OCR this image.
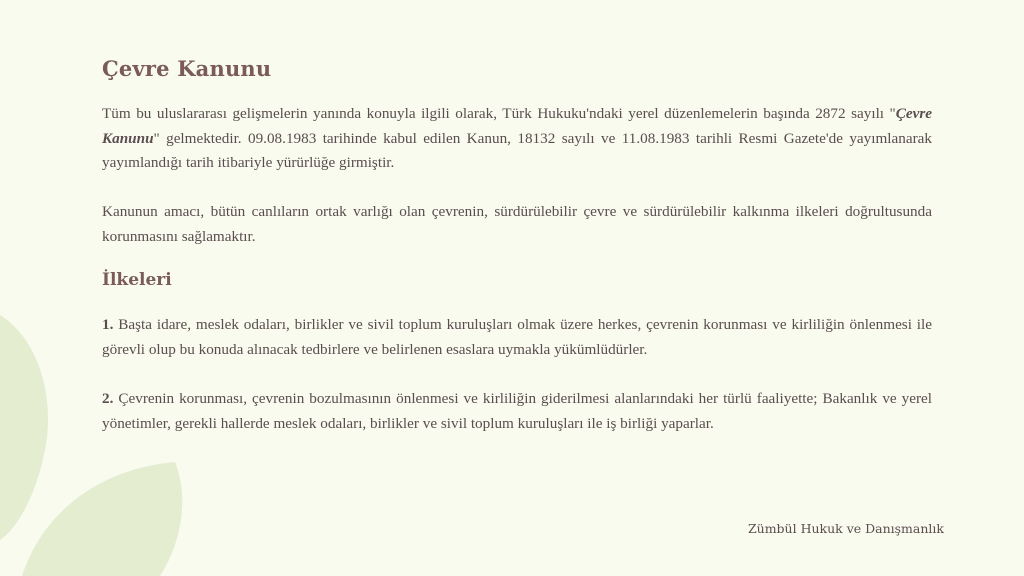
Çevre Kanunu

Tüm bu uluslararası gelişmelerin yanında konuyla ilgili olarak, Türk Hukuku'ndaki yerel düzenlemelerin başında 2872 sayılı "Çevre Kanunu" gelmektedir. 09.08.1983 tarihinde kabul edilen Kanun, 18132 sayılı ve 11.08.1983 tarihli Resmi Gazete'de yayımlanarak yayımlandığı tarih itibariyle yürürlüğe girmiştir.

Kanunun amacı, bütün canlıların ortak varlığı olan çevrenin, sürdürülebilir çevre ve sürdürülebilir kalkınma ilkeleri doğrultusunda korunmasını sağlamaktır.

İlkeleri

1. Başta idare, meslek odaları, birlikler ve sivil toplum kuruluşları olmak üzere herkes, çevrenin korunması ve kirliliğin önlenmesi ile görevli olup bu konuda alınacak tedbirlere ve belirlenen esaslara uymakla yükümlüdürler.

2. Çevrenin korunması, çevrenin bozulmasının önlenmesi ve kirliliğin giderilmesi alanlarındaki her türlü faaliyette; Bakanlık ve yerel yönetimler, gerekli hallerde meslek odaları, birlikler ve sivil toplum kuruluşları ile iş birliği yaparlar.

Zümbül Hukuk ve Danışmanlık
